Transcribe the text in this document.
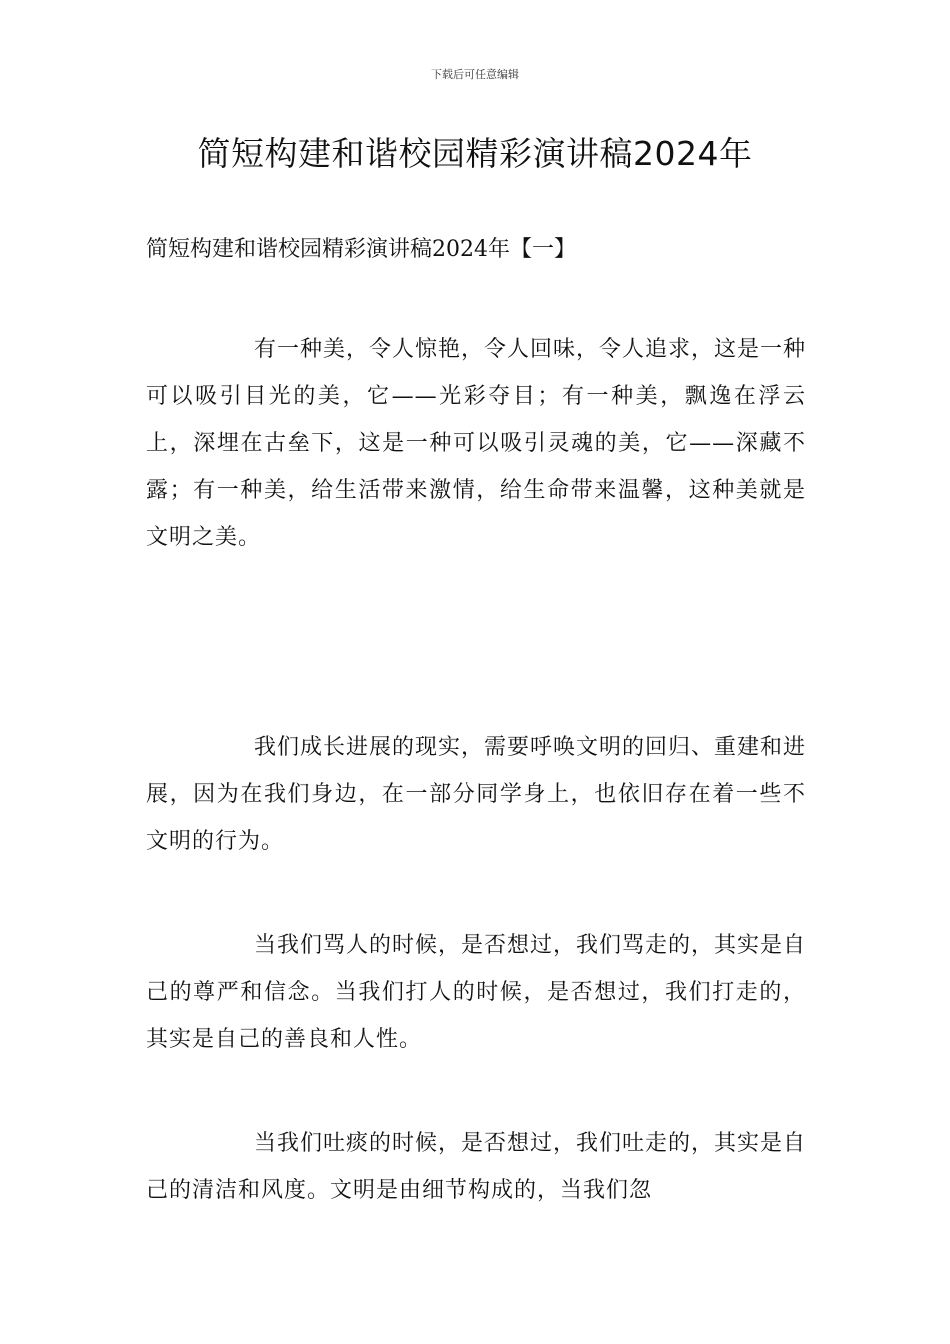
下载后可任意编辑
简短构建和谐校园精彩演讲稿2024年
简短构建和谐校园精彩演讲稿2024年【一】

有一种美，令人惊艳，令人回味，令人追求，这是一种可以吸引目光的美，它——光彩夺目；有一种美，飘逸在浮云上，深埋在古垒下，这是一种可以吸引灵魂的美，它——深藏不露；有一种美，给生活带来激情，给生命带来温馨，这种美就是文明之美。

我们成长进展的现实，需要呼唤文明的回归、重建和进展，因为在我们身边，在一部分同学身上，也依旧存在着一些不文明的行为。

当我们骂人的时候，是否想过，我们骂走的，其实是自己的尊严和信念。当我们打人的时候，是否想过，我们打走的，其实是自己的善良和人性。

当我们吐痰的时候，是否想过，我们吐走的，其实是自己的清洁和风度。文明是由细节构成的，当我们忽
